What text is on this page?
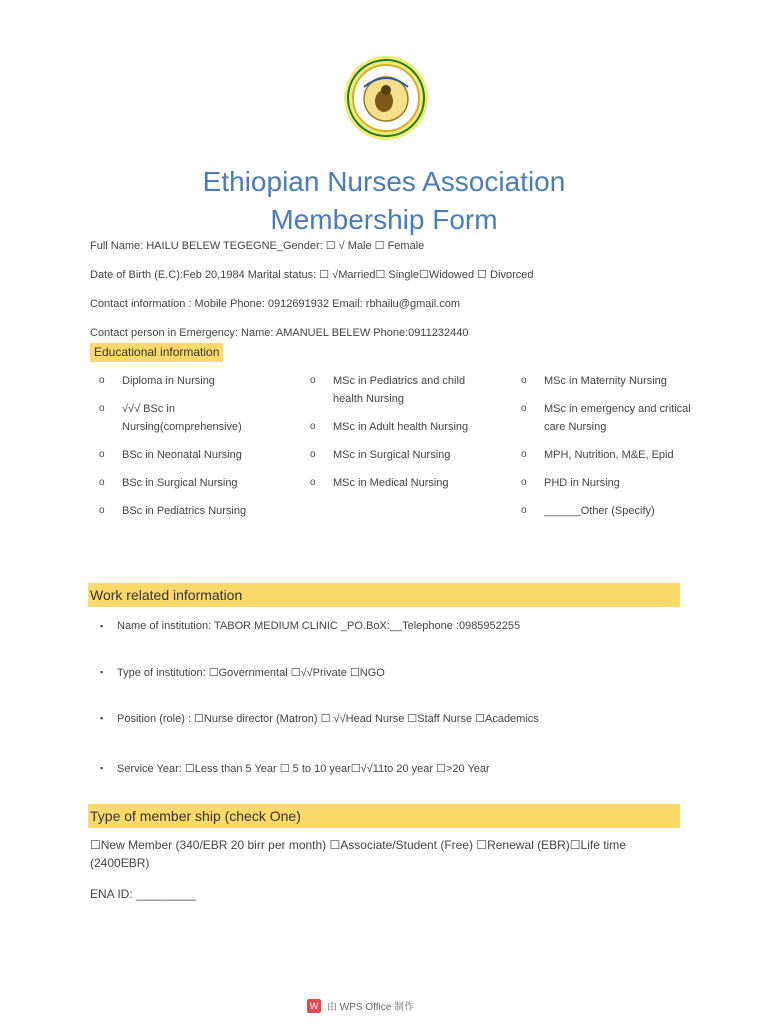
Ethiopian Nurses Association
Membership Form
Full Name: HAILU BELEW TEGEGNE_Gender: ☐ √ Male ☐ Female
Date of Birth (E.C):Feb 20,1984 Marital status: ☐ √Married☐ Single☐Widowed ☐ Divorced
Contact information : Mobile Phone: 0912691932 Email: rbhailu@gmail.com
Contact person in Emergency: Name: AMANUEL BELEW Phone:0911232440
Educational information
o Diploma in Nursing
o √√√ BSc in Nursing(comprehensive)
o BSc in Neonatal Nursing
o BSc in Surgical Nursing
o BSc in Pediatrics Nursing
o MSc in Pediatrics and child health Nursing
o MSc in Adult health Nursing
o MSc in Surgical Nursing
o MSc in Medical Nursing
o MSc in Maternity Nursing
o MSc in emergency and critical care Nursing
o MPH, Nutrition, M&E, Epid
o PHD in Nursing
o ______Other (Specify)
Work related information
▪ Name of institution: TABOR MEDIUM CLINIC _PO.BoX:__Telephone :0985952255
▪ Type of institution: ☐Governmental ☐√√Private ☐NGO
▪ Position (role) : ☐Nurse director (Matron) ☐ √√Head Nurse ☐Staff Nurse ☐Academics
▪ Service Year: ☐Less than 5 Year ☐ 5 to 10 year☐√√11to 20 year ☐>20 Year
Type of member ship (check One)
☐New Member (340/EBR 20 birr per month) ☐Associate/Student (Free) ☐Renewal (EBR)☐Life time (2400EBR)
ENA ID: _________
W 由 WPS Office 制作
